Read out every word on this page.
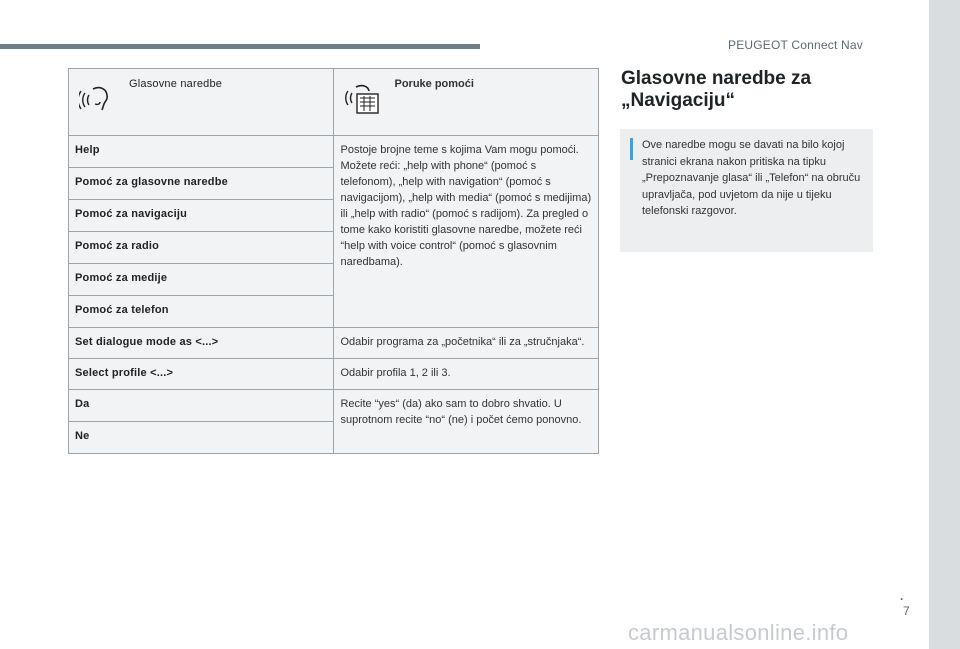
PEUGEOT Connect Nav
Glasovne naredbe	Poruke pomoći

Help	Postoje brojne teme s kojima Vam mogu pomoći. Možete reći: „help with phone“ (pomoć s telefonom), „help with navigation“ (pomoć s navigacijom), „help with media“ (pomoć s medijima) ili „help with radio“ (pomoć s radijom). Za pregled o tome kako koristiti glasovne naredbe, možete reći “help with voice control“ (pomoć s glasovnim naredbama).
Pomoć za glasovne naredbe	
Pomoć za navigaciju	
Pomoć za radio	
Pomoć za medije	
Pomoć za telefon	
Set dialogue mode as <...>	Odabir programa za „početnika“ ili za „stručnjaka“.
Select profile <...>	Odabir profila 1, 2 ili 3.
Da	Recite “yes“ (da) ako sam to dobro shvatio. U suprotnom recite “no“ (ne) i počet ćemo ponovno.
Ne	
Glasovne naredbe za
„Navigaciju“
Ove naredbe mogu se davati na bilo kojoj stranici ekrana nakon pritiska na tipku „Prepoznavanje glasa“ ili „Telefon“ na obruču upravljača, pod uvjetom da nije u tijeku telefonski razgovor.
.
7
carmanualsonline.info
